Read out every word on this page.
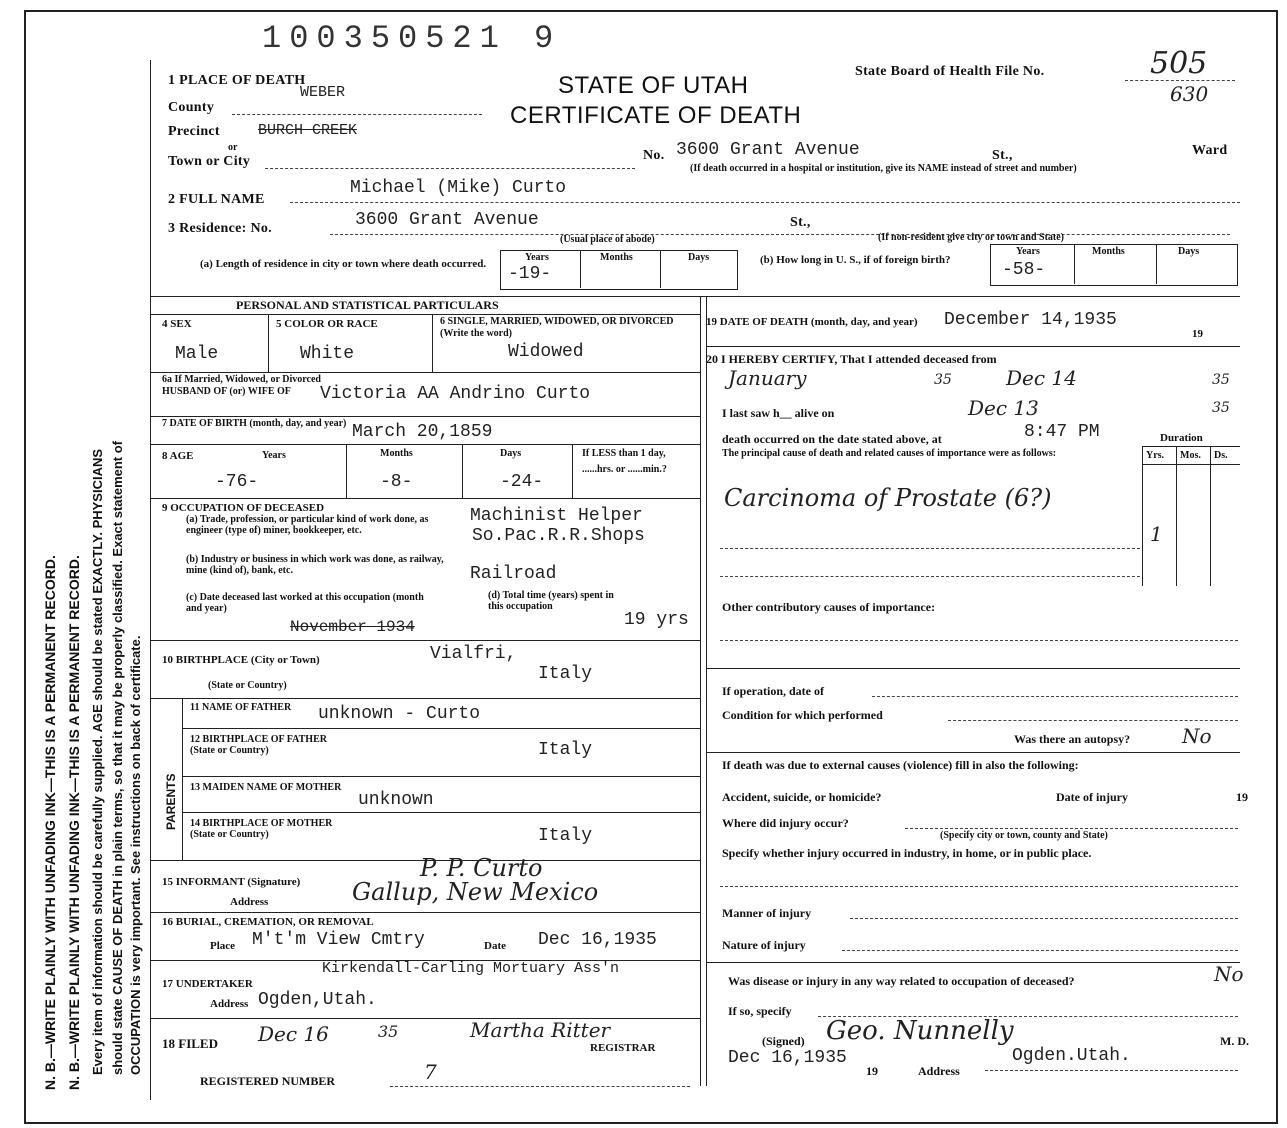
N. B.—WRITE PLAINLY WITH UNFADING INK—THIS IS A PERMANENT RECORD. N. B.—WRITE PLAINLY WITH UNFADING INK—THIS IS A PERMANENT RECORD. Every item of information should be carefully supplied. AGE should be stated EXACTLY. PHYSICIANS should state CAUSE OF DEATH in plain terms, so that it may be properly classified. Exact statement of OCCUPATION is very important. See instructions on back of certificate.
100350521 9
STATE OF UTAH
CERTIFICATE OF DEATH
State Board of Health File No.	505
630
1 PLACE OF DEATH
County
WEBER
Precinct	BURCH CREEK
or
Town or City	No. 3600 Grant Avenue	St.,	Ward
(If death occurred in a hospital or institution, give its NAME instead of street and number)
2 FULL NAME
Michael (Mike) Curto
3 Residence: No.	3600 Grant Avenue	St.,
(Usual place of abode)	(If non-resident give city or town and State)
(a) Length of residence in city or town where death occurred.
Years	Months	Days
-19-
(b) How long in U. S., if of foreign birth?
Years	Months	Days
-58-
PERSONAL AND STATISTICAL PARTICULARS
4 SEX	5 COLOR OR RACE	6 SINGLE, MARRIED, WIDOWED, OR DIVORCED (Write the word)
Male	White	Widowed
6a If Married, Widowed, or Divorced HUSBAND OF (or) WIFE OF	Victoria AA Andrino Curto
7 DATE OF BIRTH (month, day, and year) March 20,1859
8 AGE	Years	Months	Days	If LESS than 1 day, ......hrs. or ......min.?
-76-	-8-	-24-
9 OCCUPATION OF DECEASED
(a) Trade, profession, or particular kind of work done, as engineer (type of) miner, bookkeeper, etc.
Machinist Helper
So.Pac.R.R.Shops
(b) Industry or business in which work was done, as railway, mine (kind of), bank, etc.	Railroad
(c) Date deceased last worked at this occupation (month and year)
November 1934
(d) Total time (years) spent in this occupation
19 yrs
10 BIRTHPLACE (City or Town)	Vialfri,
(State or Country)
Italy
PARENTS
11 NAME OF FATHER	unknown - Curto
12 BIRTHPLACE OF FATHER (State or Country)	Italy
13 MAIDEN NAME OF MOTHER
unknown
14 BIRTHPLACE OF MOTHER (State or Country)	Italy
15 INFORMANT (Signature)	P. P. Curto
Address	Gallup, New Mexico
16 BURIAL, CREMATION, OR REMOVAL
Place M't'm View Cmtry	Date Dec 16,1935
17 UNDERTAKER
Kirkendall-Carling Mortuary Ass'n
Address Ogden,Utah.
18 FILED Dec 16	35	Martha Ritter
REGISTRAR
REGISTERED NUMBER	7
19 DATE OF DEATH (month, day, and year)	December 14,1935
19
20 I HEREBY CERTIFY, That I attended deceased from
January	Dec 14
35	35
I last saw h__ alive on	Dec 13	35
death occurred on the date stated above, at	8:47 PM	Duration
The principal cause of death and related causes of importance were as follows:	Yrs. Mos. Ds.
Carcinoma of Prostate (6?)
1
Other contributory causes of importance:
If operation, date of
Condition for which performed
Was there an autopsy?	No
If death was due to external causes (violence) fill in also the following:
Accident, suicide, or homicide?	Date of injury	19
Where did injury occur?
(Specify city or town, county and State)
Specify whether injury occurred in industry, in home, or in public place.
Manner of injury
Nature of injury
Was disease or injury in any way related to occupation of deceased?	No
If so, specify
(Signed) Geo. Nunnelly	M. D.
Dec 16,1935
19	Address
Ogden.Utah.
